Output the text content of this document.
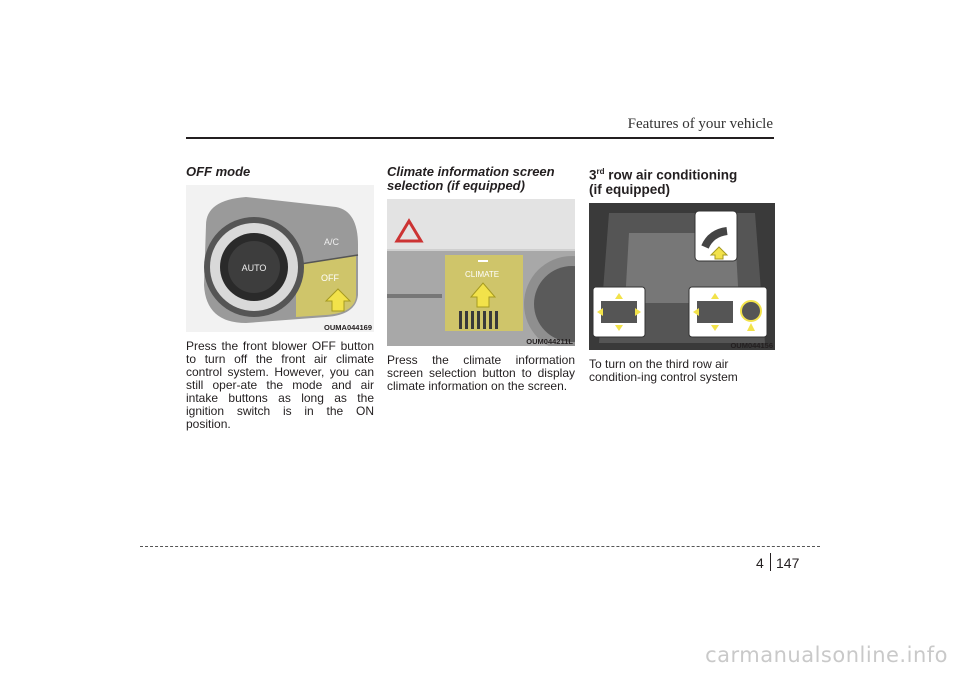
Features of your vehicle
OFF mode
AUTO
A/C
OFF
OUMA044169
Press the front blower OFF button to turn off the front air climate control system. However, you can still oper-ate the mode and air intake buttons as long as the ignition switch is in the ON position.
Climate information screen
selection (if equipped)
CLIMATE
OUM044211L
Press the climate information screen selection button to display climate information on the screen.
3rd row air conditioning
(if equipped)
OUM044156
To turn on the third row air condition-ing control system
4 147
carmanualsonline.info
